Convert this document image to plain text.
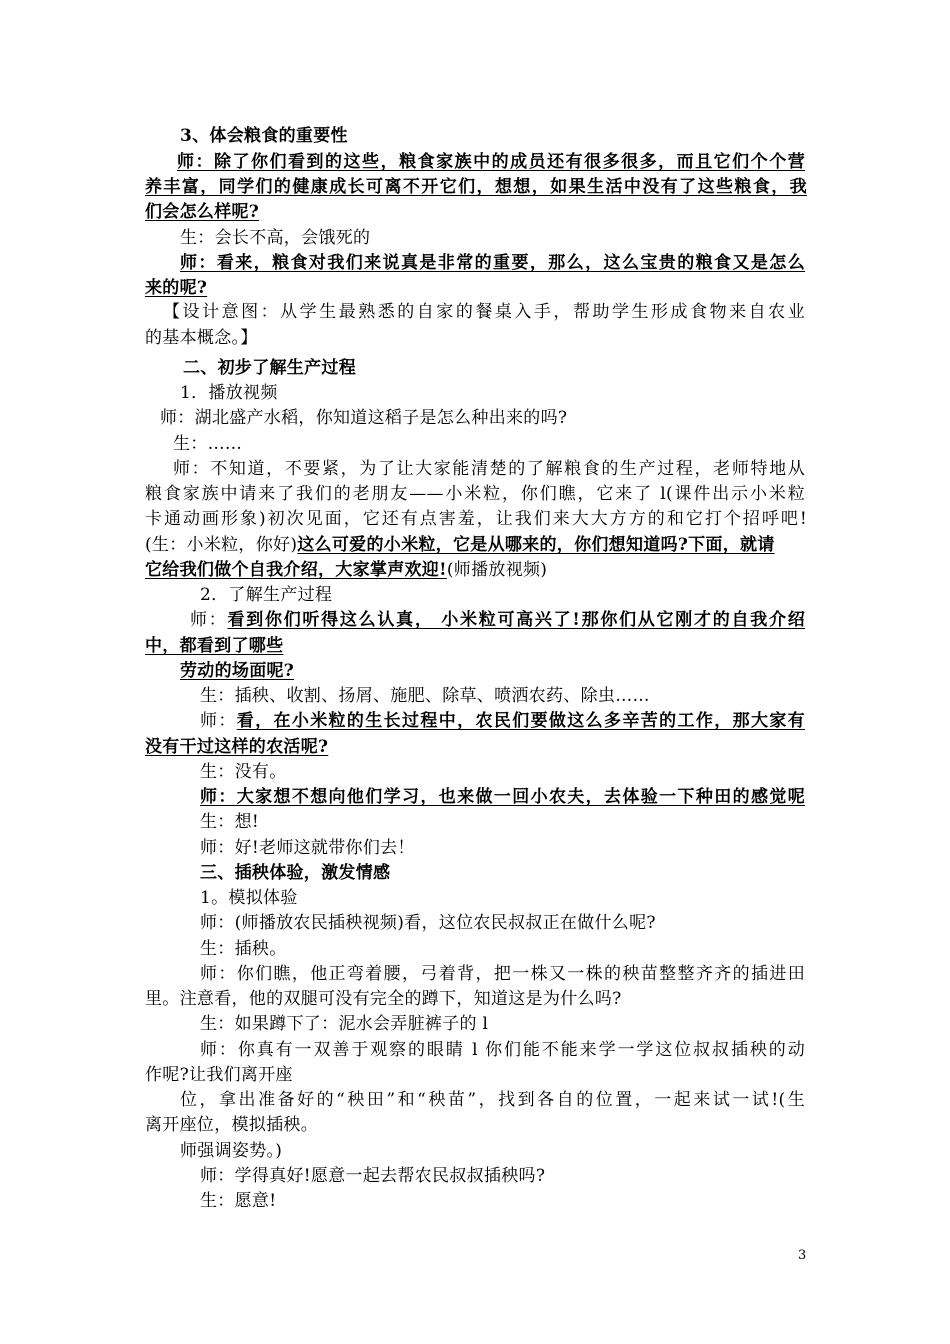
3、体会粮食的重要性
师：除了你们看到的这些，粮食家族中的成员还有很多很多，而且它们个个营
养丰富，同学们的健康成长可离不开它们，想想，如果生活中没有了这些粮食，我
们会怎么样呢?
生：会长不高，会饿死的
师：看来，粮食对我们来说真是非常的重要，那么，这么宝贵的粮食又是怎么
来的呢?
【设计意图：从学生最熟悉的自家的餐桌入手，帮助学生形成食物来自农业
的基本概念。】
二、初步了解生产过程
1．播放视频
师：湖北盛产水稻，你知道这稻子是怎么种出来的吗?
生：……
师：不知道，不要紧，为了让大家能清楚的了解粮食的生产过程，老师特地从
粮食家族中请来了我们的老朋友——小米粒，你们瞧，它来了 l(课件出示小米粒
卡通动画形象)初次见面，它还有点害羞，让我们来大大方方的和它打个招呼吧!
(生：小米粒，你好)这么可爱的小米粒，它是从哪来的，你们想知道吗?下面，就请
它给我们做个自我介绍，大家掌声欢迎!(师播放视频)
2．了解生产过程
师：看到你们听得这么认真， 小米粒可高兴了!那你们从它刚才的自我介绍
中，都看到了哪些
劳动的场面呢?
生：插秧、收割、扬屑、施肥、除草、喷洒农药、除虫……
师：看，在小米粒的生长过程中，农民们要做这么多辛苦的工作，那大家有
没有干过这样的农活呢?
生：没有。
师：大家想不想向他们学习，也来做一回小农夫，去体验一下种田的感觉呢
生：想!
师：好!老师这就带你们去！
三、插秧体验，激发情感
1。模拟体验
师：(师播放农民插秧视频)看，这位农民叔叔正在做什么呢?
生：插秧。
师：你们瞧，他正弯着腰，弓着背，把一株又一株的秧苗整整齐齐的插进田
里。注意看，他的双腿可没有完全的蹲下，知道这是为什么吗?
生：如果蹲下了：泥水会弄脏裤子的 l
师：你真有一双善于观察的眼睛 l 你们能不能来学一学这位叔叔插秧的动
作呢?让我们离开座
位，拿出准备好的“秧田”和“秧苗”，找到各自的位置，一起来试一试!(生
离开座位，模拟插秧。
师强调姿势。)
师：学得真好!愿意一起去帮农民叔叔插秧吗?
生：愿意!
3
